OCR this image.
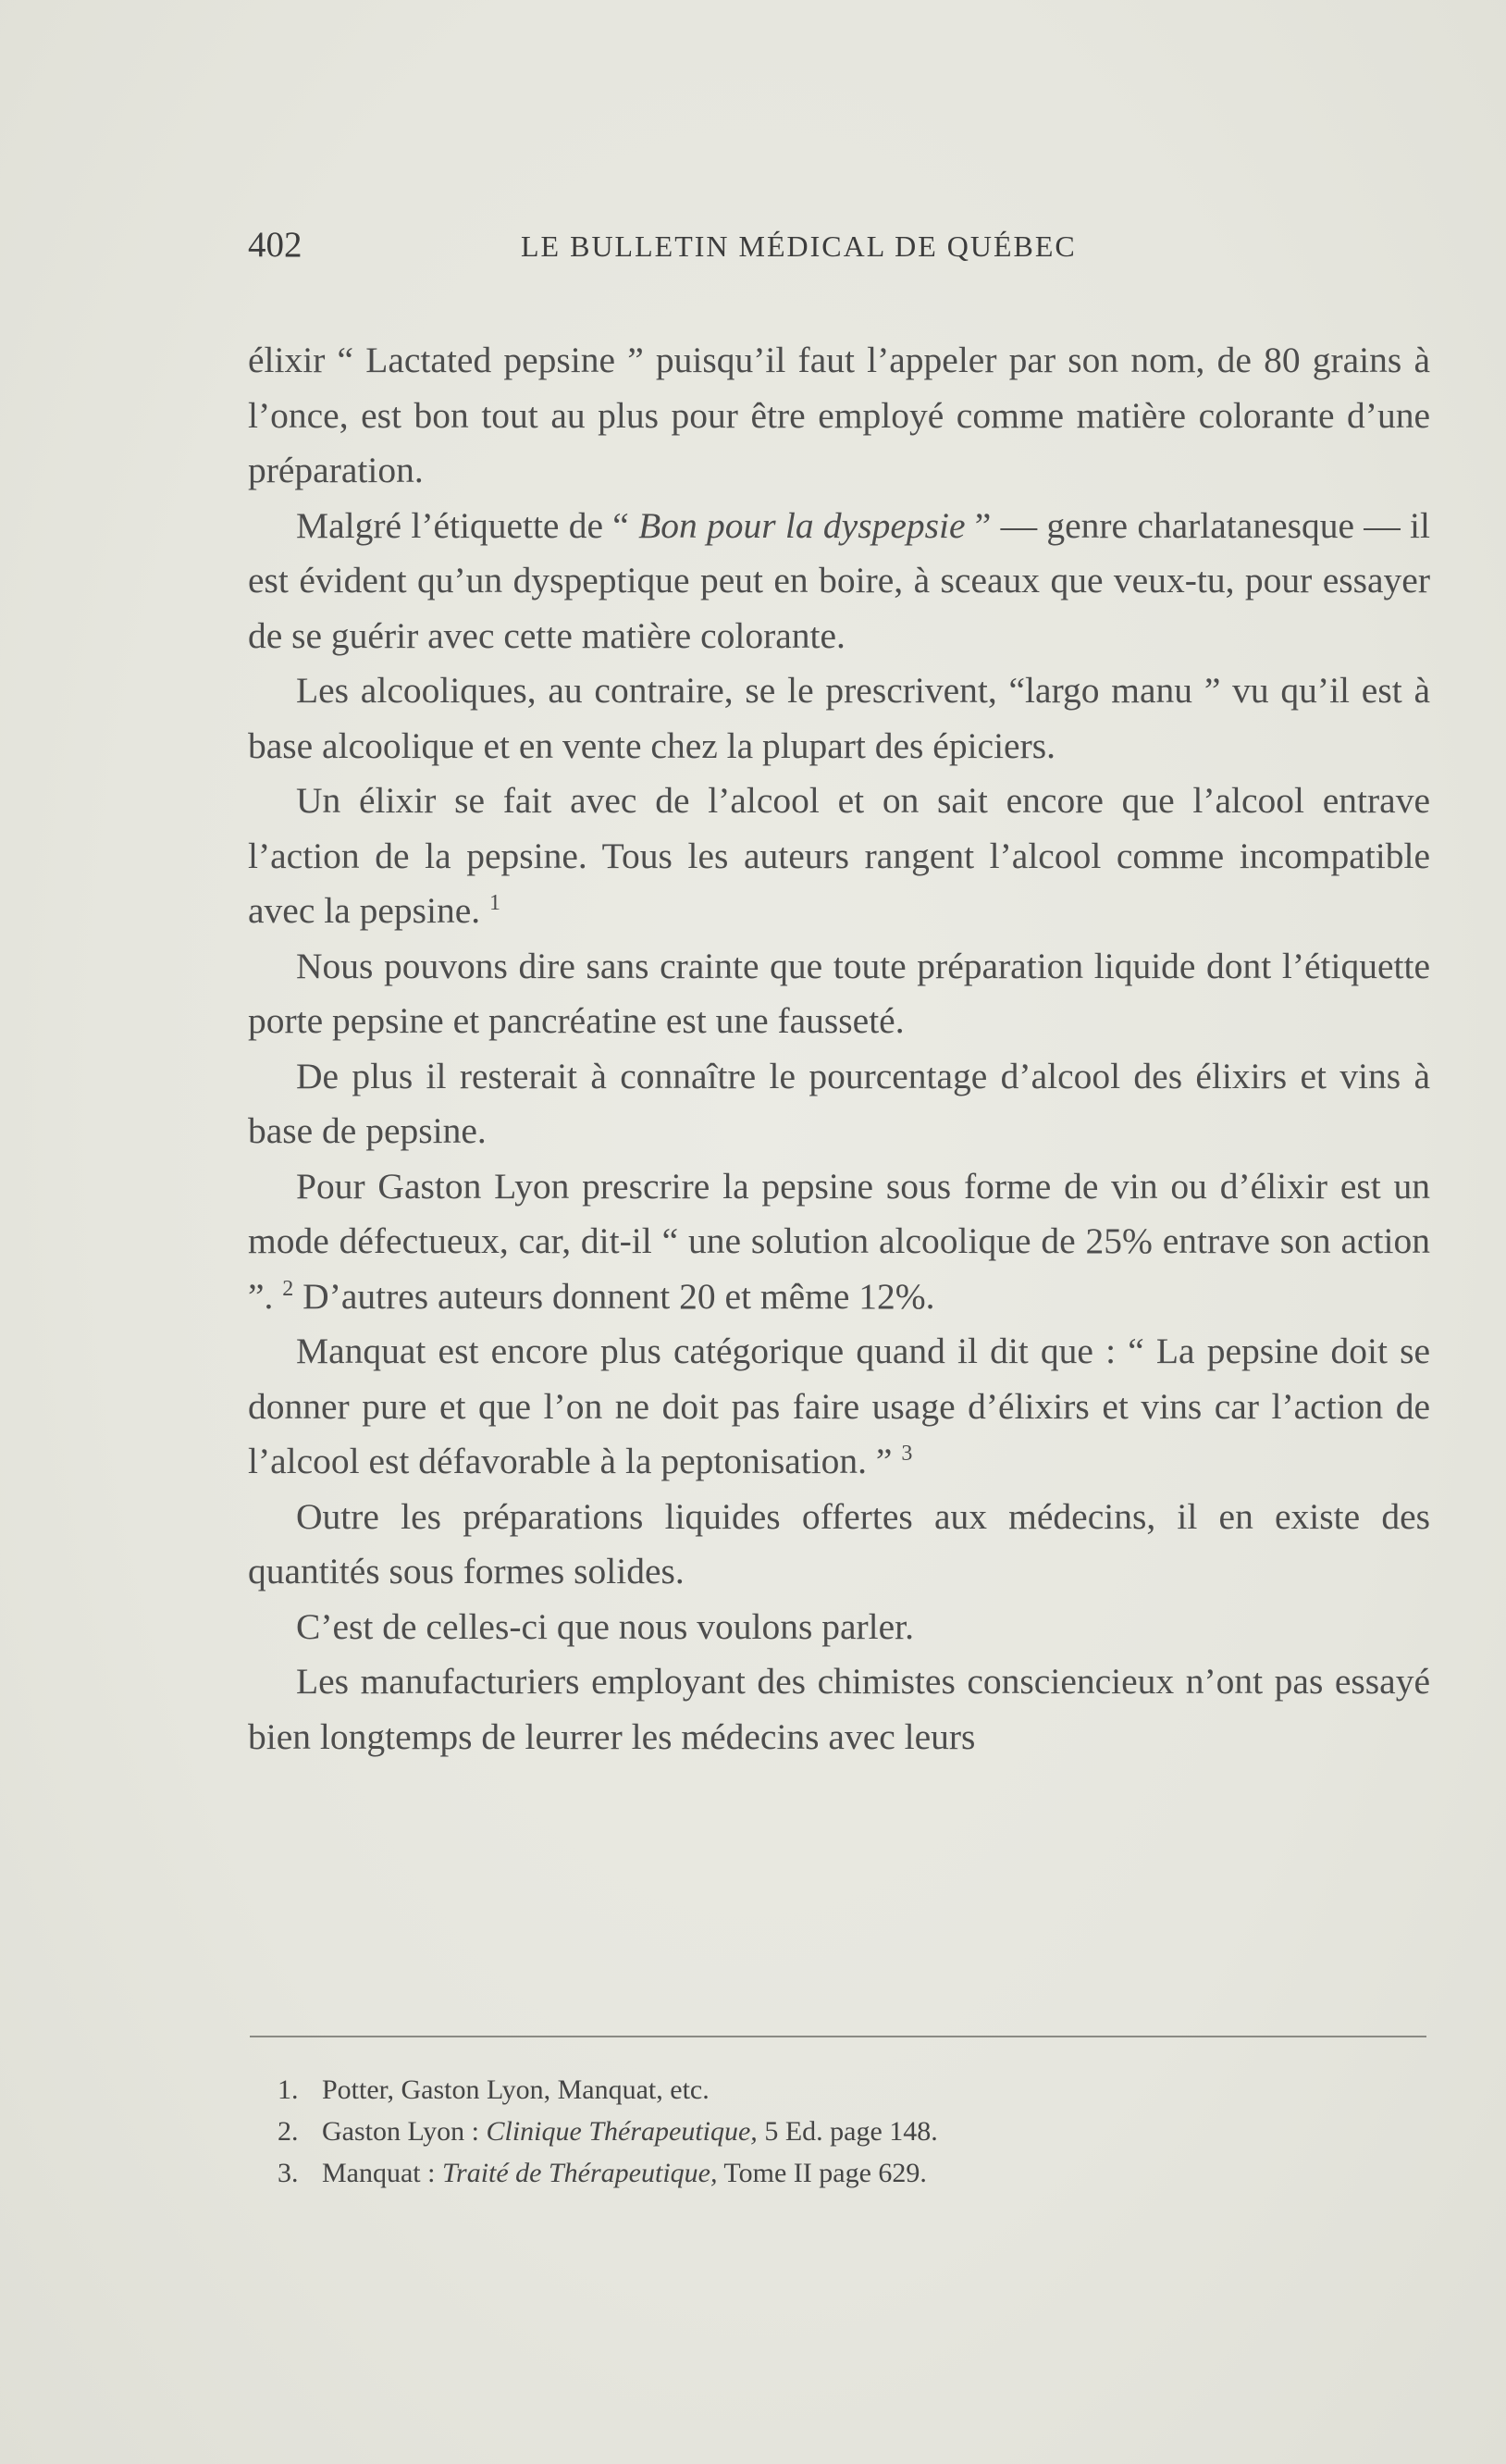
402	LE BULLETIN MÉDICAL DE QUÉBEC

élixir “ Lactated pepsine ” puisqu’il faut l’appeler par son nom, de 80 grains à l’once, est bon tout au plus pour être employé comme matière colorante d’une préparation.

Malgré l’étiquette de “ Bon pour la dyspepsie ” — genre charlatanesque — il est évident qu’un dyspeptique peut en boire, à sceaux que veux-tu, pour essayer de se guérir avec cette matière colorante.

Les alcooliques, au contraire, se le prescrivent, “largo manu ” vu qu’il est à base alcoolique et en vente chez la plupart des épiciers.

Un élixir se fait avec de l’alcool et on sait encore que l’alcool entrave l’action de la pepsine. Tous les auteurs rangent l’alcool comme incompatible avec la pepsine. $^1$

Nous pouvons dire sans crainte que toute préparation liquide dont l’étiquette porte pepsine et pancréatine est une fausseté.

De plus il resterait à connaître le pourcentage d’alcool des élixirs et vins à base de pepsine.

Pour Gaston Lyon prescrire la pepsine sous forme de vin ou d’élixir est un mode défectueux, car, dit-il “ une solution alcoolique de 25% entrave son action ”. $^2$ D’autres auteurs donnent 20 et même 12%.

Manquat est encore plus catégorique quand il dit que : “ La pepsine doit se donner pure et que l’on ne doit pas faire usage d’élixirs et vins car l’action de l’alcool est défavorable à la peptonisation. ” $^3$

Outre les préparations liquides offertes aux médecins, il en existe des quantités sous formes solides.

C’est de celles-ci que nous voulons parler.

Les manufacturiers employant des chimistes consciencieux n’ont pas essayé bien longtemps de leurrer les médecins avec leurs

1. Potter, Gaston Lyon, Manquat, etc.
2. Gaston Lyon : Clinique Thérapeutique, 5 Ed. page 148.
3. Manquat : Traité de Thérapeutique, Tome II page 629.
